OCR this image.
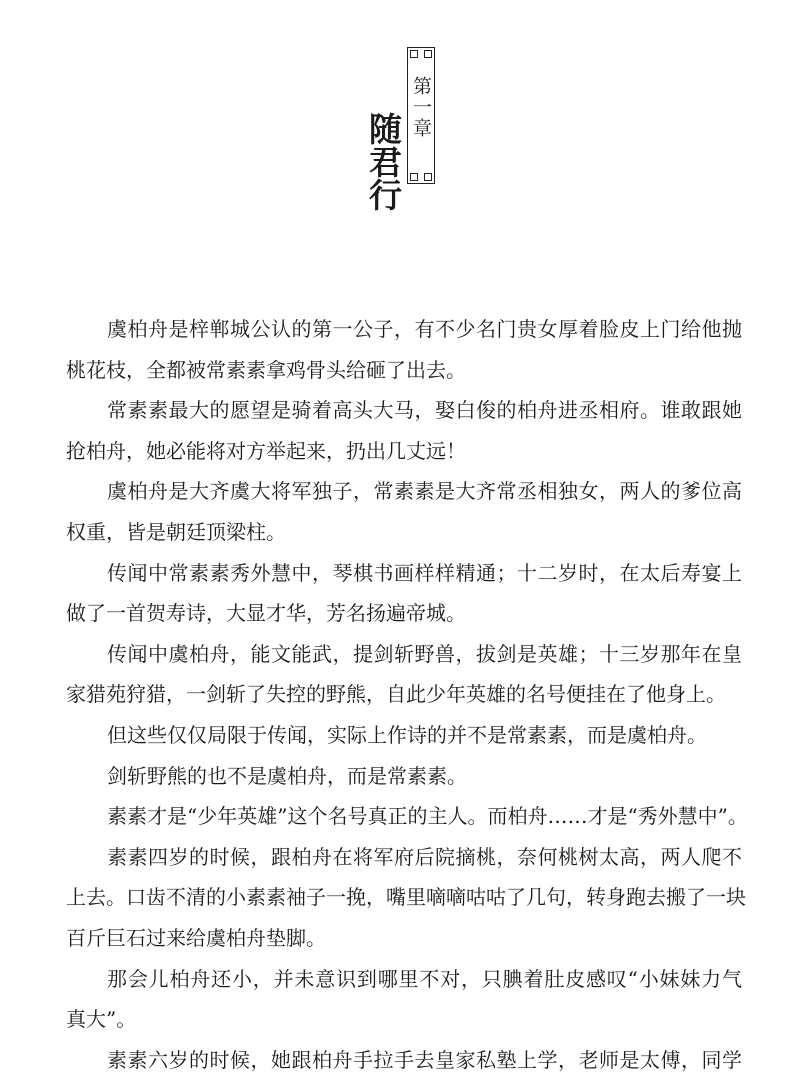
第一章
随君行
虞柏舟是梓郸城公认的第一公子，有不少名门贵女厚着脸皮上门给他抛
桃花枝，全都被常素素拿鸡骨头给砸了出去。
常素素最大的愿望是骑着高头大马，娶白俊的柏舟进丞相府。谁敢跟她
抢柏舟，她必能将对方举起来，扔出几丈远！
虞柏舟是大齐虞大将军独子，常素素是大齐常丞相独女，两人的爹位高
权重，皆是朝廷顶梁柱。
传闻中常素素秀外慧中，琴棋书画样样精通；十二岁时，在太后寿宴上
做了一首贺寿诗，大显才华，芳名扬遍帝城。
传闻中虞柏舟，能文能武，提剑斩野兽，拔剑是英雄；十三岁那年在皇
家猎苑狩猎，一剑斩了失控的野熊，自此少年英雄的名号便挂在了他身上。
但这些仅仅局限于传闻，实际上作诗的并不是常素素，而是虞柏舟。
剑斩野熊的也不是虞柏舟，而是常素素。
素素才是“少年英雄”这个名号真正的主人。而柏舟……才是“秀外慧中”。
素素四岁的时候，跟柏舟在将军府后院摘桃，奈何桃树太高，两人爬不
上去。口齿不清的小素素袖子一挽，嘴里嘀嘀咕咕了几句，转身跑去搬了一块
百斤巨石过来给虞柏舟垫脚。
那会儿柏舟还小，并未意识到哪里不对，只腆着肚皮感叹“小妹妹力气
真大”。
素素六岁的时候，她跟柏舟手拉手去皇家私塾上学，老师是太傅，同学
